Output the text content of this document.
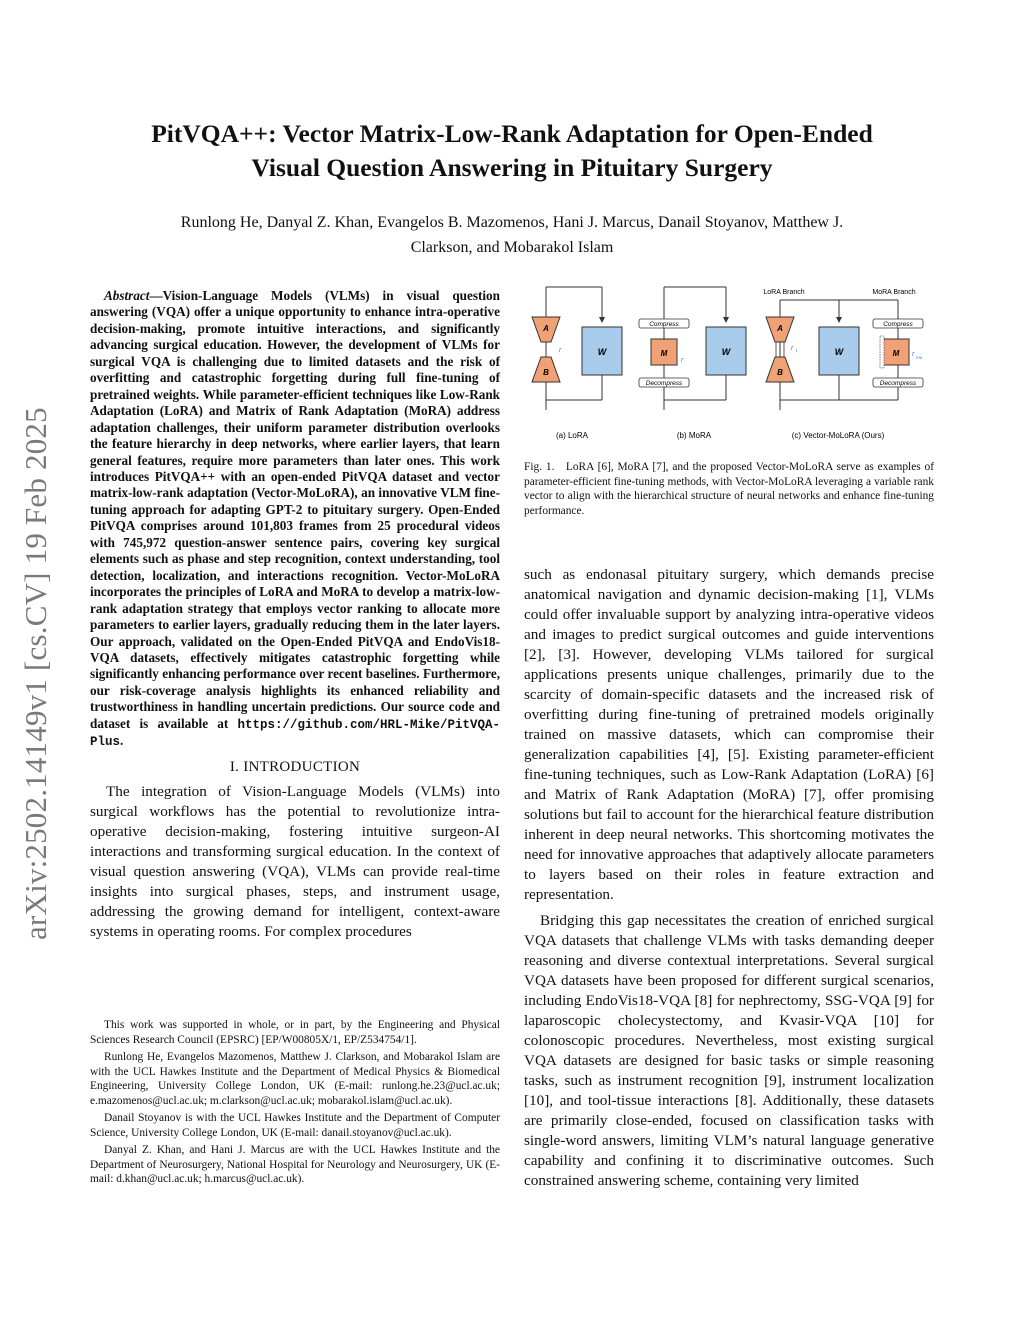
arXiv:2502.14149v1 [cs.CV] 19 Feb 2025
PitVQA++: Vector Matrix-Low-Rank Adaptation for Open-Ended
Visual Question Answering in Pituitary Surgery
Runlong He, Danyal Z. Khan, Evangelos B. Mazomenos, Hani J. Marcus, Danail Stoyanov, Matthew J.
Clarkson, and Mobarakol Islam

Abstract—Vision-Language Models (VLMs) in visual question answering (VQA) offer a unique opportunity to enhance intra-operative decision-making, promote intuitive interactions, and significantly advancing surgical education. However, the development of VLMs for surgical VQA is challenging due to limited datasets and the risk of overfitting and catastrophic forgetting during full fine-tuning of pretrained weights. While parameter-efficient techniques like Low-Rank Adaptation (LoRA) and Matrix of Rank Adaptation (MoRA) address adaptation challenges, their uniform parameter distribution overlooks the feature hierarchy in deep networks, where earlier layers, that learn general features, require more parameters than later ones. This work introduces PitVQA++ with an open-ended PitVQA dataset and vector matrix-low-rank adaptation (Vector-MoLoRA), an innovative VLM fine-tuning approach for adapting GPT-2 to pituitary surgery. Open-Ended PitVQA comprises around 101,803 frames from 25 procedural videos with 745,972 question-answer sentence pairs, covering key surgical elements such as phase and step recognition, context understanding, tool detection, localization, and interactions recognition. Vector-MoLoRA incorporates the principles of LoRA and MoRA to develop a matrix-low-rank adaptation strategy that employs vector ranking to allocate more parameters to earlier layers, gradually reducing them in the later layers. Our approach, validated on the Open-Ended PitVQA and EndoVis18-VQA datasets, effectively mitigates catastrophic forgetting while significantly enhancing performance over recent baselines. Furthermore, our risk-coverage analysis highlights its enhanced reliability and trustworthiness in handling uncertain predictions. Our source code and dataset is available at https://github.com/HRL-Mike/PitVQA-Plus.

I. INTRODUCTION

The integration of Vision-Language Models (VLMs) into surgical workflows has the potential to revolutionize intra-operative decision-making, fostering intuitive surgeon-AI interactions and transforming surgical education. In the context of visual question answering (VQA), VLMs can provide real-time insights into surgical phases, steps, and instrument usage, addressing the growing demand for intelligent, context-aware systems in operating rooms. For complex procedures

This work was supported in whole, or in part, by the Engineering and Physical Sciences Research Council (EPSRC) [EP/W00805X/1, EP/Z534754/1].

Runlong He, Evangelos Mazomenos, Matthew J. Clarkson, and Mobarakol Islam are with the UCL Hawkes Institute and the Department of Medical Physics & Biomedical Engineering, University College London, UK (E-mail: runlong.he.23@ucl.ac.uk; e.mazomenos@ucl.ac.uk; m.clarkson@ucl.ac.uk; mobarakol.islam@ucl.ac.uk).

Danail Stoyanov is with the UCL Hawkes Institute and the Department of Computer Science, University College London, UK (E-mail: danail.stoyanov@ucl.ac.uk).

Danyal Z. Khan, and Hani J. Marcus are with the UCL Hawkes Institute and the Department of Neurosurgery, National Hospital for Neurology and Neurosurgery, UK (E-mail: d.khan@ucl.ac.uk; h.marcus@ucl.ac.uk).

A
B
r	W
(a) LoRA
Compress
M
r
Decompress
W
(b) MoRA
LoRA Branch	MoRA Branch
A
B
r l	W
Compress
M r mo
Decompress
(c) Vector-MoLoRA (Ours)
Fig. 1. LoRA [6], MoRA [7], and the proposed Vector-MoLoRA serve as examples of parameter-efficient fine-tuning methods, with Vector-MoLoRA leveraging a variable rank vector to align with the hierarchical structure of neural networks and enhance fine-tuning performance.

such as endonasal pituitary surgery, which demands precise anatomical navigation and dynamic decision-making [1], VLMs could offer invaluable support by analyzing intra-operative videos and images to predict surgical outcomes and guide interventions [2], [3]. However, developing VLMs tailored for surgical applications presents unique challenges, primarily due to the scarcity of domain-specific datasets and the increased risk of overfitting during fine-tuning of pretrained models originally trained on massive datasets, which can compromise their generalization capabilities [4], [5]. Existing parameter-efficient fine-tuning techniques, such as Low-Rank Adaptation (LoRA) [6] and Matrix of Rank Adaptation (MoRA) [7], offer promising solutions but fail to account for the hierarchical feature distribution inherent in deep neural networks. This shortcoming motivates the need for innovative approaches that adaptively allocate parameters to layers based on their roles in feature extraction and representation.

Bridging this gap necessitates the creation of enriched surgical VQA datasets that challenge VLMs with tasks demanding deeper reasoning and diverse contextual interpretations. Several surgical VQA datasets have been proposed for different surgical scenarios, including EndoVis18-VQA [8] for nephrectomy, SSG-VQA [9] for laparoscopic cholecystectomy, and Kvasir-VQA [10] for colonoscopic procedures. Nevertheless, most existing surgical VQA datasets are designed for basic tasks or simple reasoning tasks, such as instrument recognition [9], instrument localization [10], and tool-tissue interactions [8]. Additionally, these datasets are primarily close-ended, focused on classification tasks with single-word answers, limiting VLM’s natural language generative capability and confining it to discriminative outcomes. Such constrained answering scheme, containing very limited
